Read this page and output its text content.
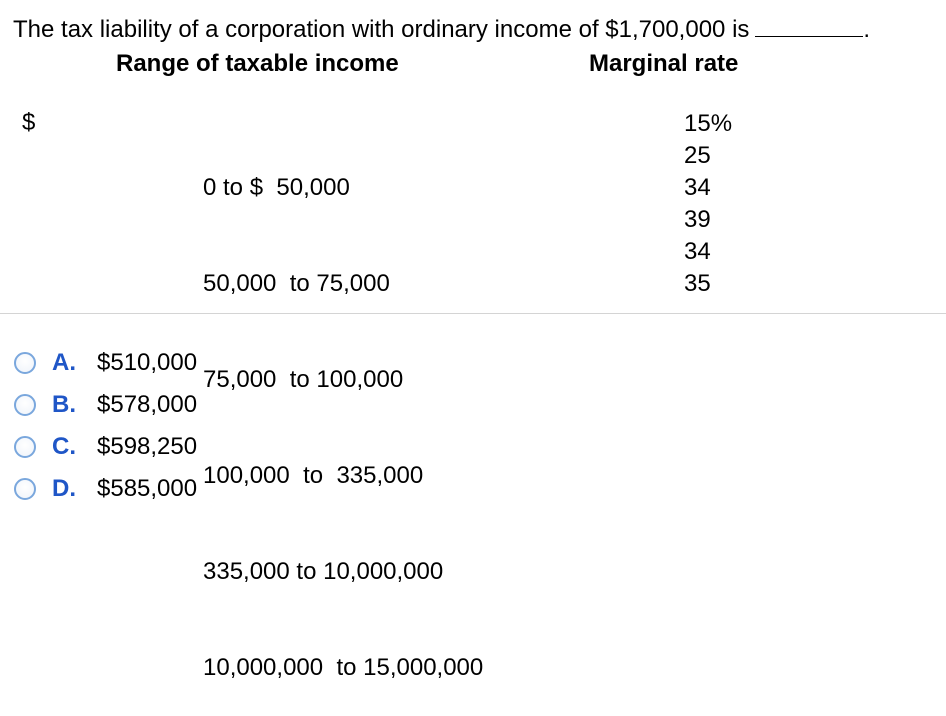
The tax liability of a corporation with ordinary income of $1,700,000 is	.
Range of taxable income	Marginal rate
$

0 to $  50,000

50,000  to 75,000

75,000  to 100,000

100,000  to  335,000

335,000 to 10,000,000

10,000,000  to 15,000,000

15%
25
34
39
34
35
A. $510,000
B. $578,000
C. $598,250
D. $585,000
